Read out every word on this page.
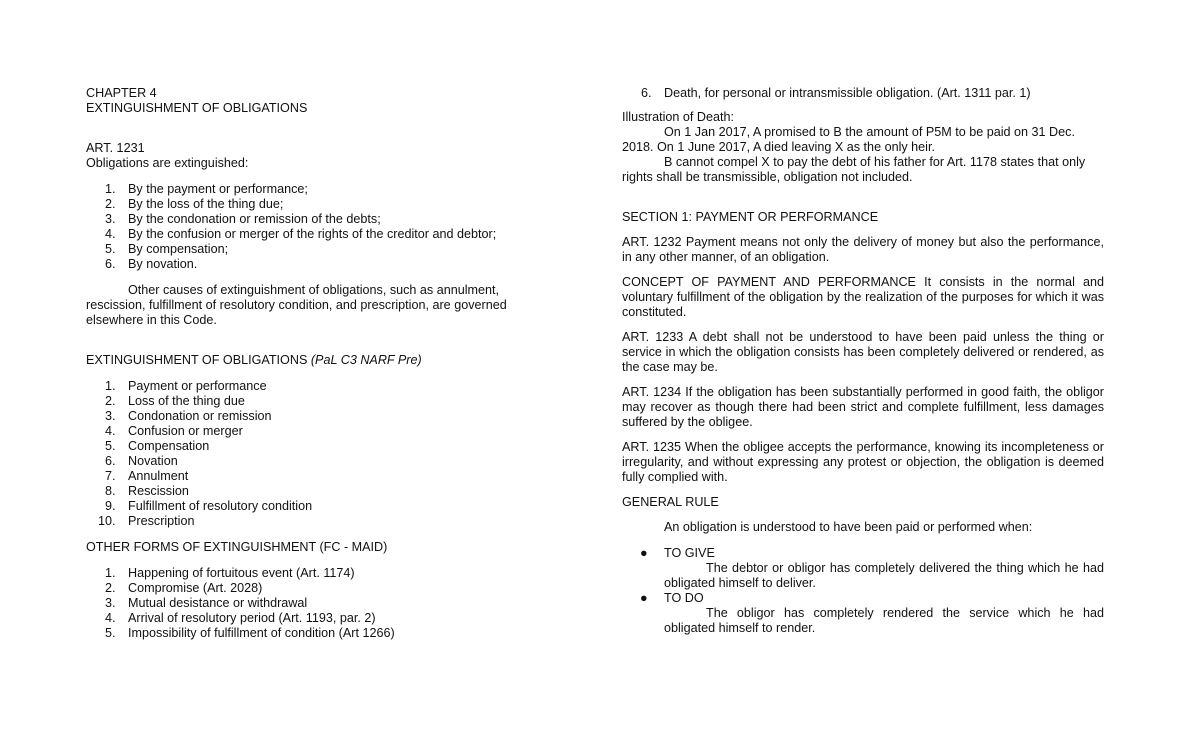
CHAPTER 4

EXTINGUISHMENT OF OBLIGATIONS

ART. 1231

Obligations are extinguished:

1. By the payment or performance;
2. By the loss of the thing due;
3. By the condonation or remission of the debts;
4. By the confusion or merger of the rights of the creditor and debtor;
5. By compensation;
6. By novation.

Other causes of extinguishment of obligations, such as annulment, rescission, fulfillment of resolutory condition, and prescription, are governed elsewhere in this Code.

EXTINGUISHMENT OF OBLIGATIONS (PaL C3 NARF Pre)

1. Payment or performance
2. Loss of the thing due
3. Condonation or remission
4. Confusion or merger
5. Compensation
6. Novation
7. Annulment
8. Rescission
9. Fulfillment of resolutory condition
10. Prescription

OTHER FORMS OF EXTINGUISHMENT (FC - MAID)

1. Happening of fortuitous event (Art. 1174)
2. Compromise (Art. 2028)
3. Mutual desistance or withdrawal
4. Arrival of resolutory period (Art. 1193, par. 2)
5. Impossibility of fulfillment of condition (Art 1266)
6. Death, for personal or intransmissible obligation. (Art. 1311 par. 1)

Illustration of Death:

On 1 Jan 2017, A promised to B the amount of P5M to be paid on 31 Dec.

2018. On 1 June 2017, A died leaving X as the only heir.

B cannot compel X to pay the debt of his father for Art. 1178 states that only

rights shall be transmissible, obligation not included.

SECTION 1: PAYMENT OR PERFORMANCE

ART. 1232 Payment means not only the delivery of money but also the performance, in any other manner, of an obligation.

CONCEPT OF PAYMENT AND PERFORMANCE It consists in the normal and voluntary fulfillment of the obligation by the realization of the purposes for which it was constituted.

ART. 1233 A debt shall not be understood to have been paid unless the thing or service in which the obligation consists has been completely delivered or rendered, as the case may be.

ART. 1234 If the obligation has been substantially performed in good faith, the obligor may recover as though there had been strict and complete fulfillment, less damages suffered by the obligee.

ART. 1235 When the obligee accepts the performance, knowing its incompleteness or irregularity, and without expressing any protest or objection, the obligation is deemed fully complied with.

GENERAL RULE

An obligation is understood to have been paid or performed when:

● TO GIVE

The debtor or obligor has completely delivered the thing which he had obligated himself to deliver.

● TO DO

The obligor has completely rendered the service which he had obligated himself to render.
